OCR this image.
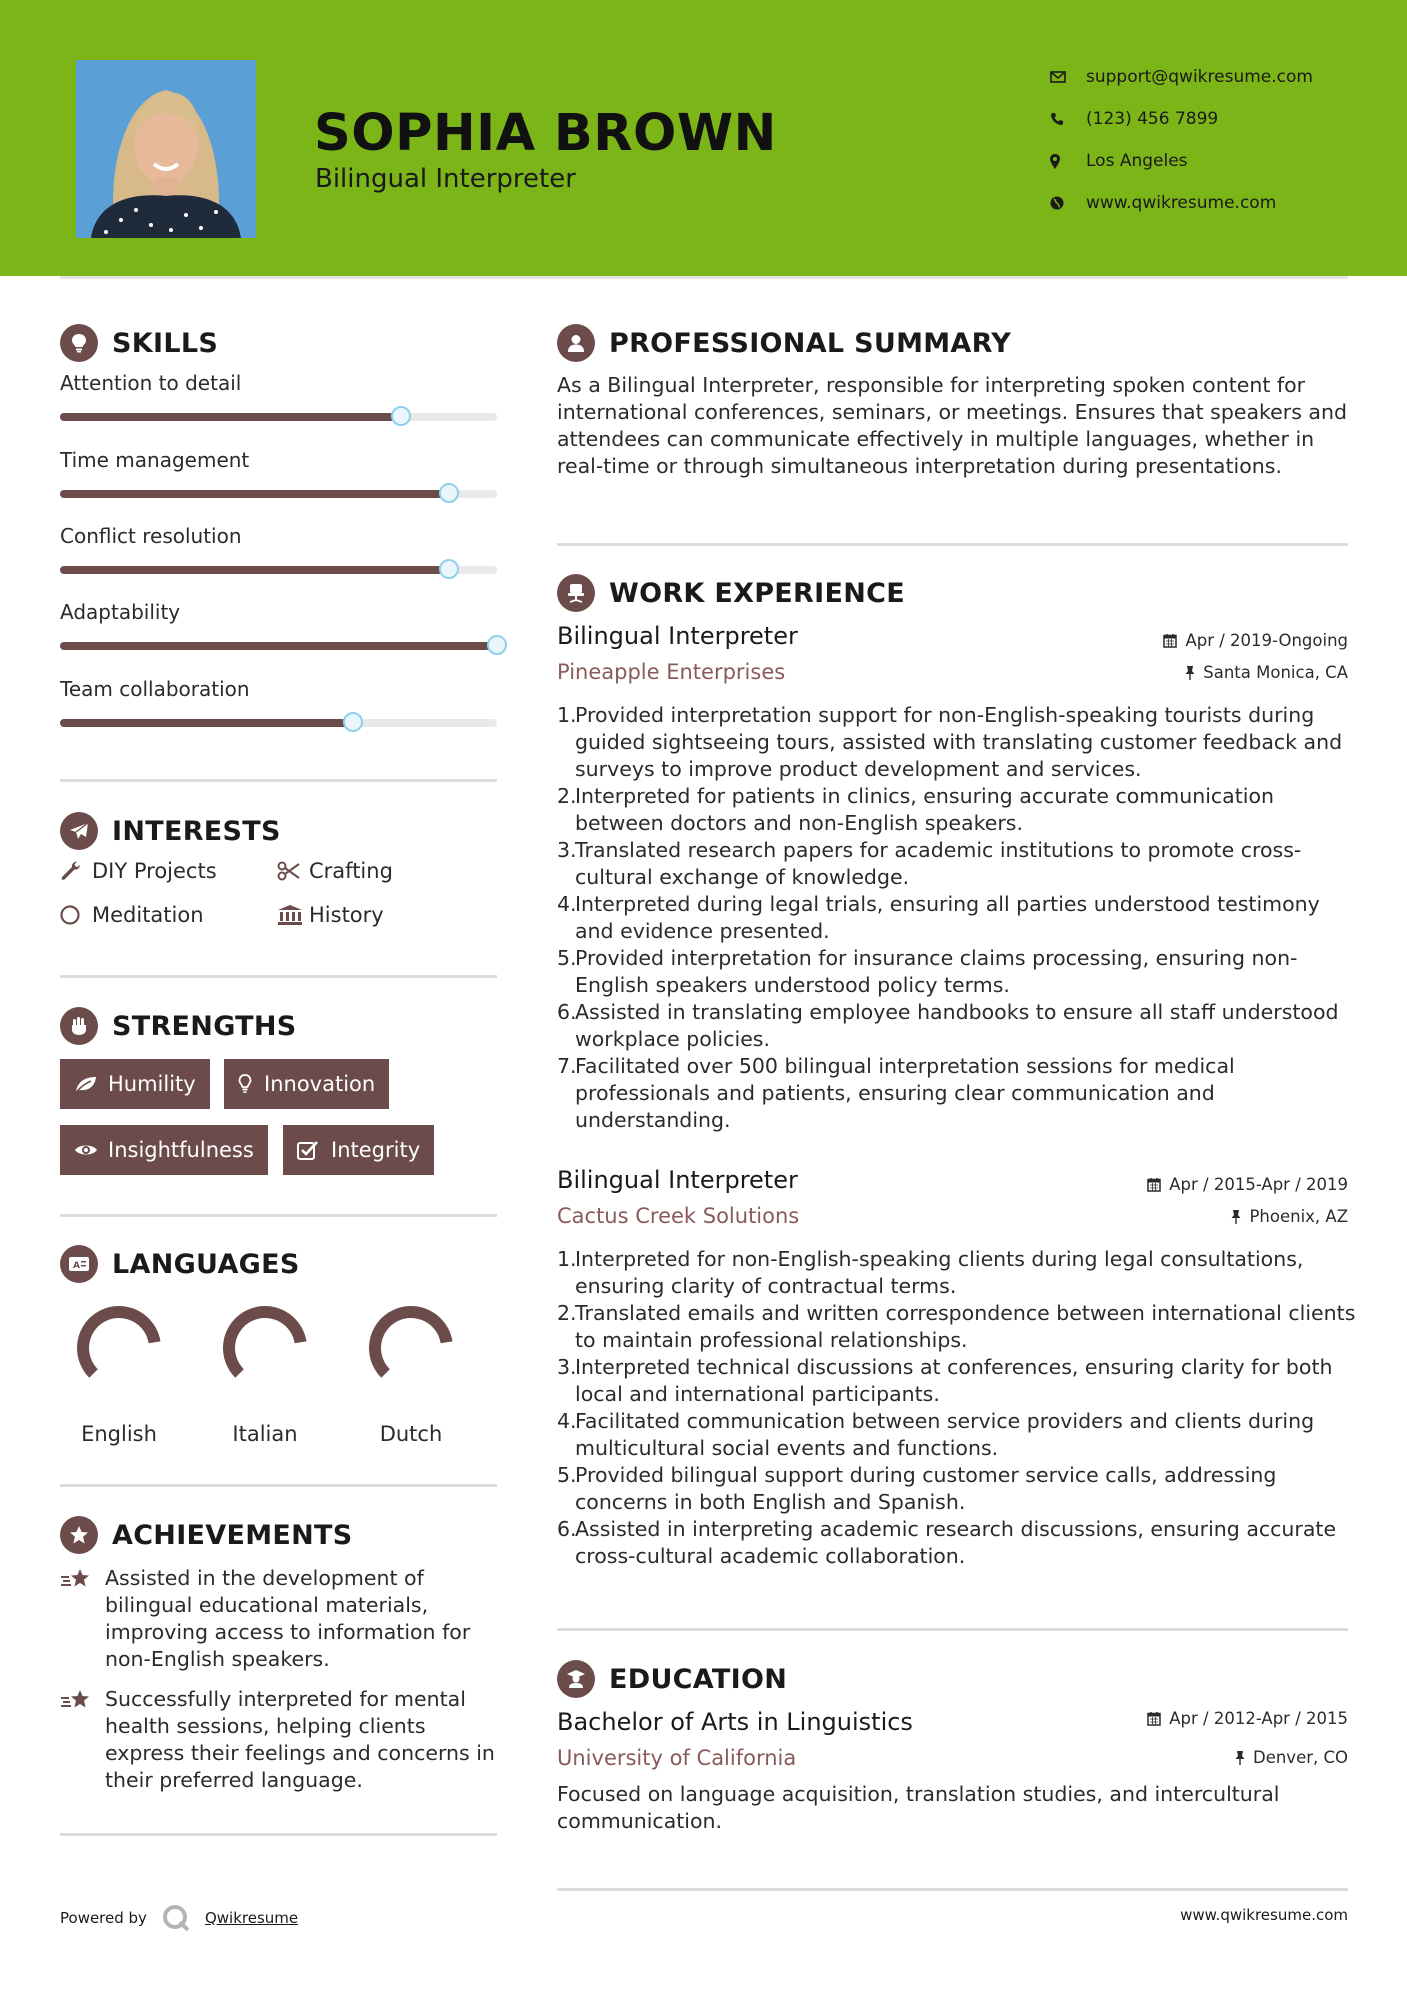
SOPHIA BROWN
Bilingual Interpreter
support@qwikresume.com
(123) 456 7899
Los Angeles
www.qwikresume.com
SKILLS
Attention to detail
Time management
Conflict resolution
Adaptability
Team collaboration
INTERESTS
DIY Projects	Crafting
Meditation	History
STRENGTHS
Humility	Innovation
Insightfulness	Integrity
A LANGUAGES
English	Italian	Dutch
ACHIEVEMENTS
Assisted in the development of bilingual educational materials, improving access to information for non-English speakers.
Successfully interpreted for mental health sessions, helping clients express their feelings and concerns in their preferred language.
PROFESSIONAL SUMMARY
As a Bilingual Interpreter, responsible for interpreting spoken content for international conferences, seminars, or meetings. Ensures that speakers and attendees can communicate effectively in multiple languages, whether in real-time or through simultaneous interpretation during presentations.
WORK EXPERIENCE
Bilingual Interpreter
Pineapple Enterprises
Apr / 2019-Ongoing
Santa Monica, CA
1.
Provided interpretation support for non-English-speaking tourists during guided sightseeing tours, assisted with translating customer feedback and surveys to improve product development and services.
2.
Interpreted for patients in clinics, ensuring accurate communication between doctors and non-English speakers.
3.
Translated research papers for academic institutions to promote cross-cultural exchange of knowledge.
4.
Interpreted during legal trials, ensuring all parties understood testimony and evidence presented.
5.
Provided interpretation for insurance claims processing, ensuring non-English speakers understood policy terms.
6.
Assisted in translating employee handbooks to ensure all staff understood workplace policies.
7.
Facilitated over 500 bilingual interpretation sessions for medical professionals and patients, ensuring clear communication and understanding.
Bilingual Interpreter
Cactus Creek Solutions
Apr / 2015-Apr / 2019
Phoenix, AZ
1.
Interpreted for non-English-speaking clients during legal consultations, ensuring clarity of contractual terms.
2.
Translated emails and written correspondence between international clients to maintain professional relationships.
3.
Interpreted technical discussions at conferences, ensuring clarity for both local and international participants.
4.
Facilitated communication between service providers and clients during multicultural social events and functions.
5.
Provided bilingual support during customer service calls, addressing concerns in both English and Spanish.
6.
Assisted in interpreting academic research discussions, ensuring accurate cross-cultural academic collaboration.
EDUCATION
Bachelor of Arts in Linguistics
University of California
Apr / 2012-Apr / 2015
Denver, CO
Focused on language acquisition, translation studies, and intercultural communication.
Powered by	Qwikresume	www.qwikresume.com
